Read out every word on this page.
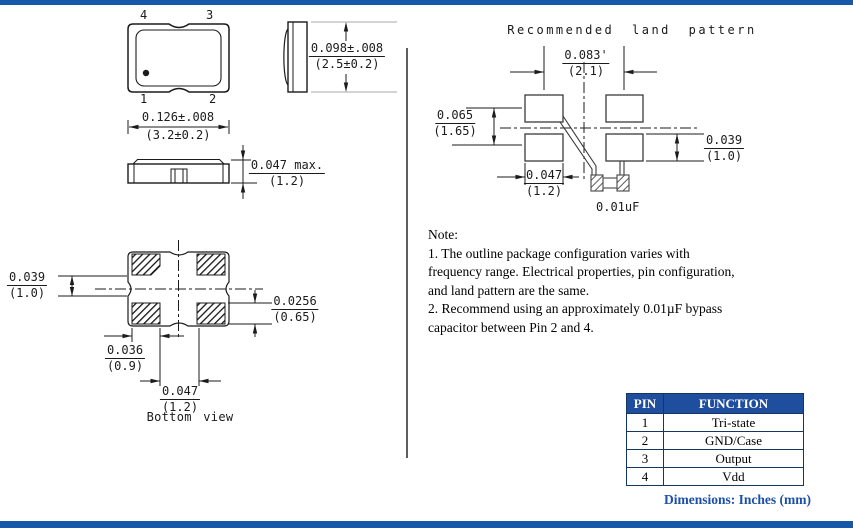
4	3
1	2
0.126±.008
(3.2±0.2)
0.098±.008
(2.5±0.2)
0.047 max.
(1.2)
0.039
(1.0)
0.0256
(0.65)
0.036
(0.9)
0.047
(1.2)
Bottom view
Recommended land pattern
0.083'
(2.1)
0.065
(1.65)
0.047
(1.2)
0.039
(1.0)
0.01uF
Note:
1. The outline package configuration varies with
frequency range. Electrical properties, pin configuration,
and land pattern are the same.
2. Recommend using an approximately 0.01µF bypass
capacitor between Pin 2 and 4.
PIN	FUNCTION
1	Tri-state
2	GND/Case
3	Output
4	Vdd
Dimensions: Inches (mm)
